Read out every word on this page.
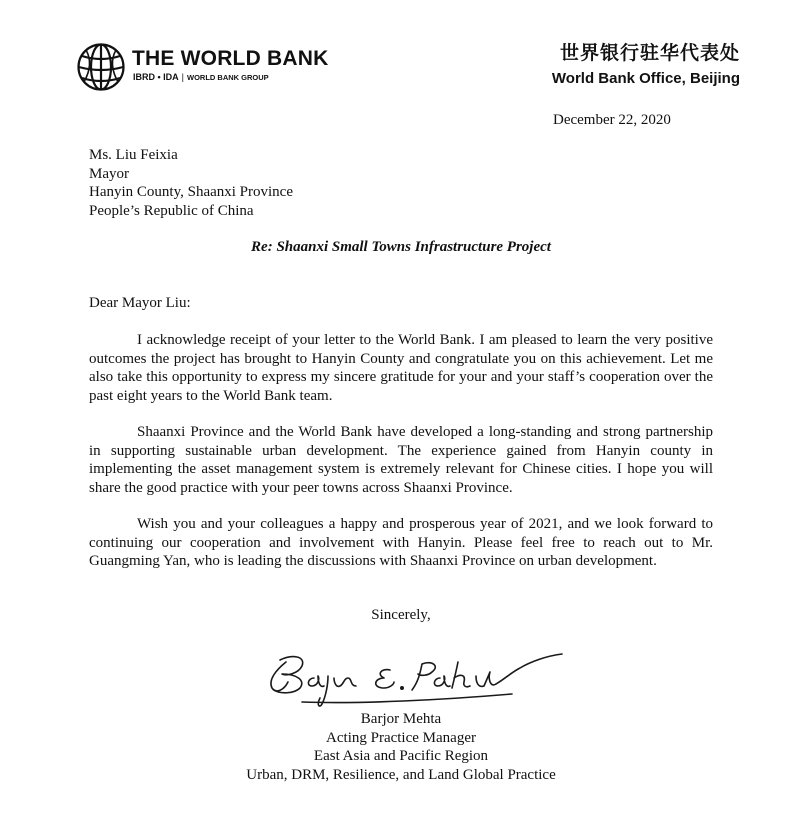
THE WORLD BANK
IBRD • IDA | WORLD BANK GROUP
世界银行驻华代表处
World Bank Office, Beijing
December 22, 2020
Ms. Liu Feixia
Mayor
Hanyin County, Shaanxi Province
People’s Republic of China
Re: Shaanxi Small Towns Infrastructure Project
Dear Mayor Liu:

I acknowledge receipt of your letter to the World Bank. I am pleased to learn the very positive outcomes the project has brought to Hanyin County and congratulate you on this achievement. Let me also take this opportunity to express my sincere gratitude for your and your staff’s cooperation over the past eight years to the World Bank team.

Shaanxi Province and the World Bank have developed a long-standing and strong partnership in supporting sustainable urban development. The experience gained from Hanyin county in implementing the asset management system is extremely relevant for Chinese cities. I hope you will share the good practice with your peer towns across Shaanxi Province.

Wish you and your colleagues a happy and prosperous year of 2021, and we look forward to continuing our cooperation and involvement with Hanyin. Please feel free to reach out to Mr. Guangming Yan, who is leading the discussions with Shaanxi Province on urban development.

Sincerely,
Barjor Mehta
Acting Practice Manager
East Asia and Pacific Region
Urban, DRM, Resilience, and Land Global Practice
